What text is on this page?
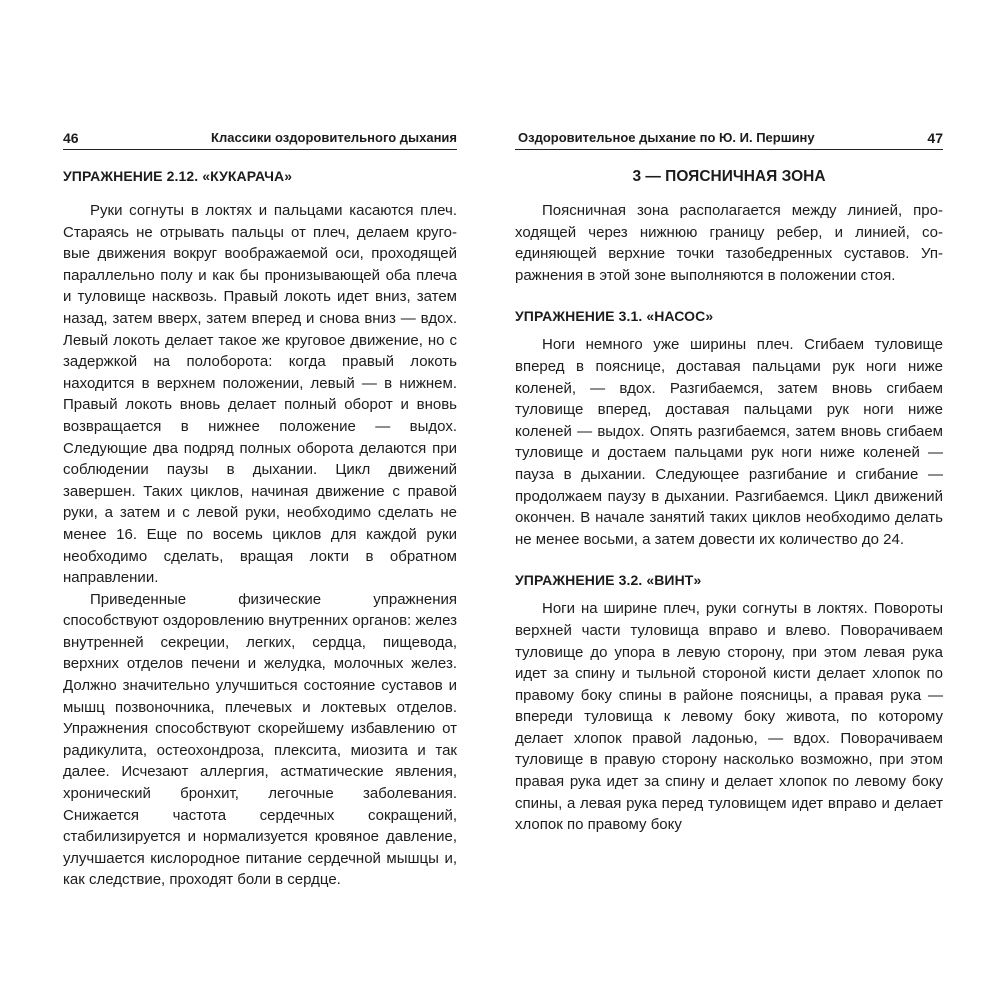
46	Классики оздоровительного дыхания
УПРАЖНЕНИЕ 2.12. «КУКАРАЧА»

Руки согнуты в локтях и пальцами касаются плеч. Стараясь не отрывать пальцы от плеч, делаем круговые движения вокруг воображаемой оси, проходящей параллельно полу и как бы пронизывающей оба плеча и туловище насквозь. Правый локоть идет вниз, затем назад, затем вверх, затем вперед и снова вниз — вдох. Левый локоть делает такое же круговое движение, но с задержкой на полоборота: когда правый локоть находится в верхнем положении, левый — в нижнем. Правый локоть вновь делает полный оборот и вновь возвращается в нижнее положение — выдох. Следующие два подряд полных оборота делаются при соблюдении паузы в дыхании. Цикл движений завершен. Таких циклов, начиная движение с правой руки, а затем и с левой руки, необходимо сделать не менее 16. Еще по восемь циклов для каждой руки необходимо сделать, вращая локти в обратном направлении.

Приведенные физические упражнения способствуют оздоровлению внутренних органов: желез внутренней секреции, легких, сердца, пищевода, верхних отделов печени и желудка, молочных желез. Должно значительно улучшиться состояние суставов и мышц позвоночника, плечевых и локтевых отделов. Упражнения способствуют скорейшему избавлению от радикулита, остеохондроза, плексита, миозита и так далее. Исчезают аллергия, астматические явления, хронический бронхит, легочные заболевания. Снижается частота сердечных сокращений, стабилизируется и нормализуется кровяное давление, улучшается кислородное питание сердечной мышцы и, как следствие, проходят боли в сердце.

Оздоровительное дыхание по Ю. И. Першину	47
3 — ПОЯСНИЧНАЯ ЗОНА

Поясничная зона располагается между линией, проходящей через нижнюю границу ребер, и линией, соединяющей верхние точки тазобедренных суставов. Упражнения в этой зоне выполняются в положении стоя.

УПРАЖНЕНИЕ 3.1. «НАСОС»

Ноги немного уже ширины плеч. Сгибаем туловище вперед в пояснице, доставая пальцами рук ноги ниже коленей, — вдох. Разгибаемся, затем вновь сгибаем туловище вперед, доставая пальцами рук ноги ниже коленей — выдох. Опять разгибаемся, затем вновь сгибаем туловище и достаем пальцами рук ноги ниже коленей — пауза в дыхании. Следующее разгибание и сгибание — продолжаем паузу в дыхании. Разгибаемся. Цикл движений окончен. В начале занятий таких циклов необходимо делать не менее восьми, а затем довести их количество до 24.

УПРАЖНЕНИЕ 3.2. «ВИНТ»

Ноги на ширине плеч, руки согнуты в локтях. Повороты верхней части туловища вправо и влево. Поворачиваем туловище до упора в левую сторону, при этом левая рука идет за спину и тыльной стороной кисти делает хлопок по правому боку спины в районе поясницы, а правая рука — впереди туловища к левому боку живота, по которому делает хлопок правой ладонью, — вдох. Поворачиваем туловище в правую сторону насколько возможно, при этом правая рука идет за спину и делает хлопок по левому боку спины, а левая рука перед туловищем идет вправо и делает хлопок по правому боку
